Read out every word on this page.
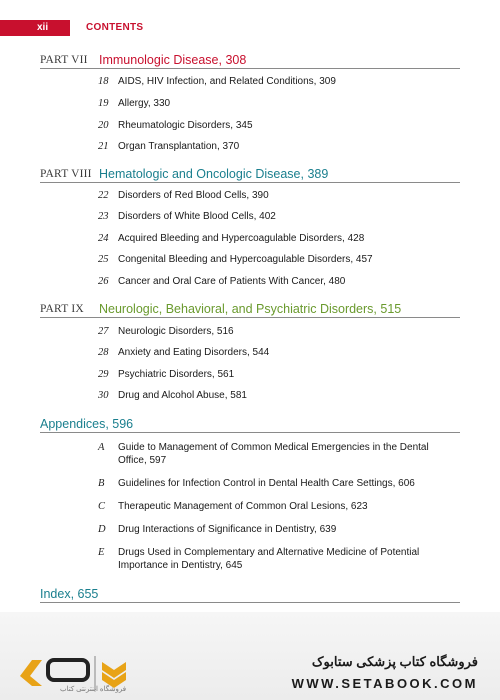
xii	CONTENTS
PART VII Immunologic Disease, 308
18 AIDS, HIV Infection, and Related Conditions, 309
19 Allergy, 330
20 Rheumatologic Disorders, 345
21 Organ Transplantation, 370
PART VIII Hematologic and Oncologic Disease, 389
22 Disorders of Red Blood Cells, 390
23 Disorders of White Blood Cells, 402
24 Acquired Bleeding and Hypercoagulable Disorders, 428
25 Congenital Bleeding and Hypercoagulable Disorders, 457
26 Cancer and Oral Care of Patients With Cancer, 480
PART IX Neurologic, Behavioral, and Psychiatric Disorders, 515
27 Neurologic Disorders, 516
28 Anxiety and Eating Disorders, 544
29 Psychiatric Disorders, 561
30 Drug and Alcohol Abuse, 581
Appendices, 596
A	Guide to Management of Common Medical Emergencies in the Dental Office, 597
B	Guidelines for Infection Control in Dental Health Care Settings, 606
C	Therapeutic Management of Common Oral Lesions, 623
D	Drug Interactions of Significance in Dentistry, 639
E	Drugs Used in Complementary and Alternative Medicine of Potential Importance in Dentistry, 645
Index, 655
فروشگاه اینترنتی کتاب
فروشگاه کتاب پزشکی ستابوک
WWW.SETABOOK.COM
